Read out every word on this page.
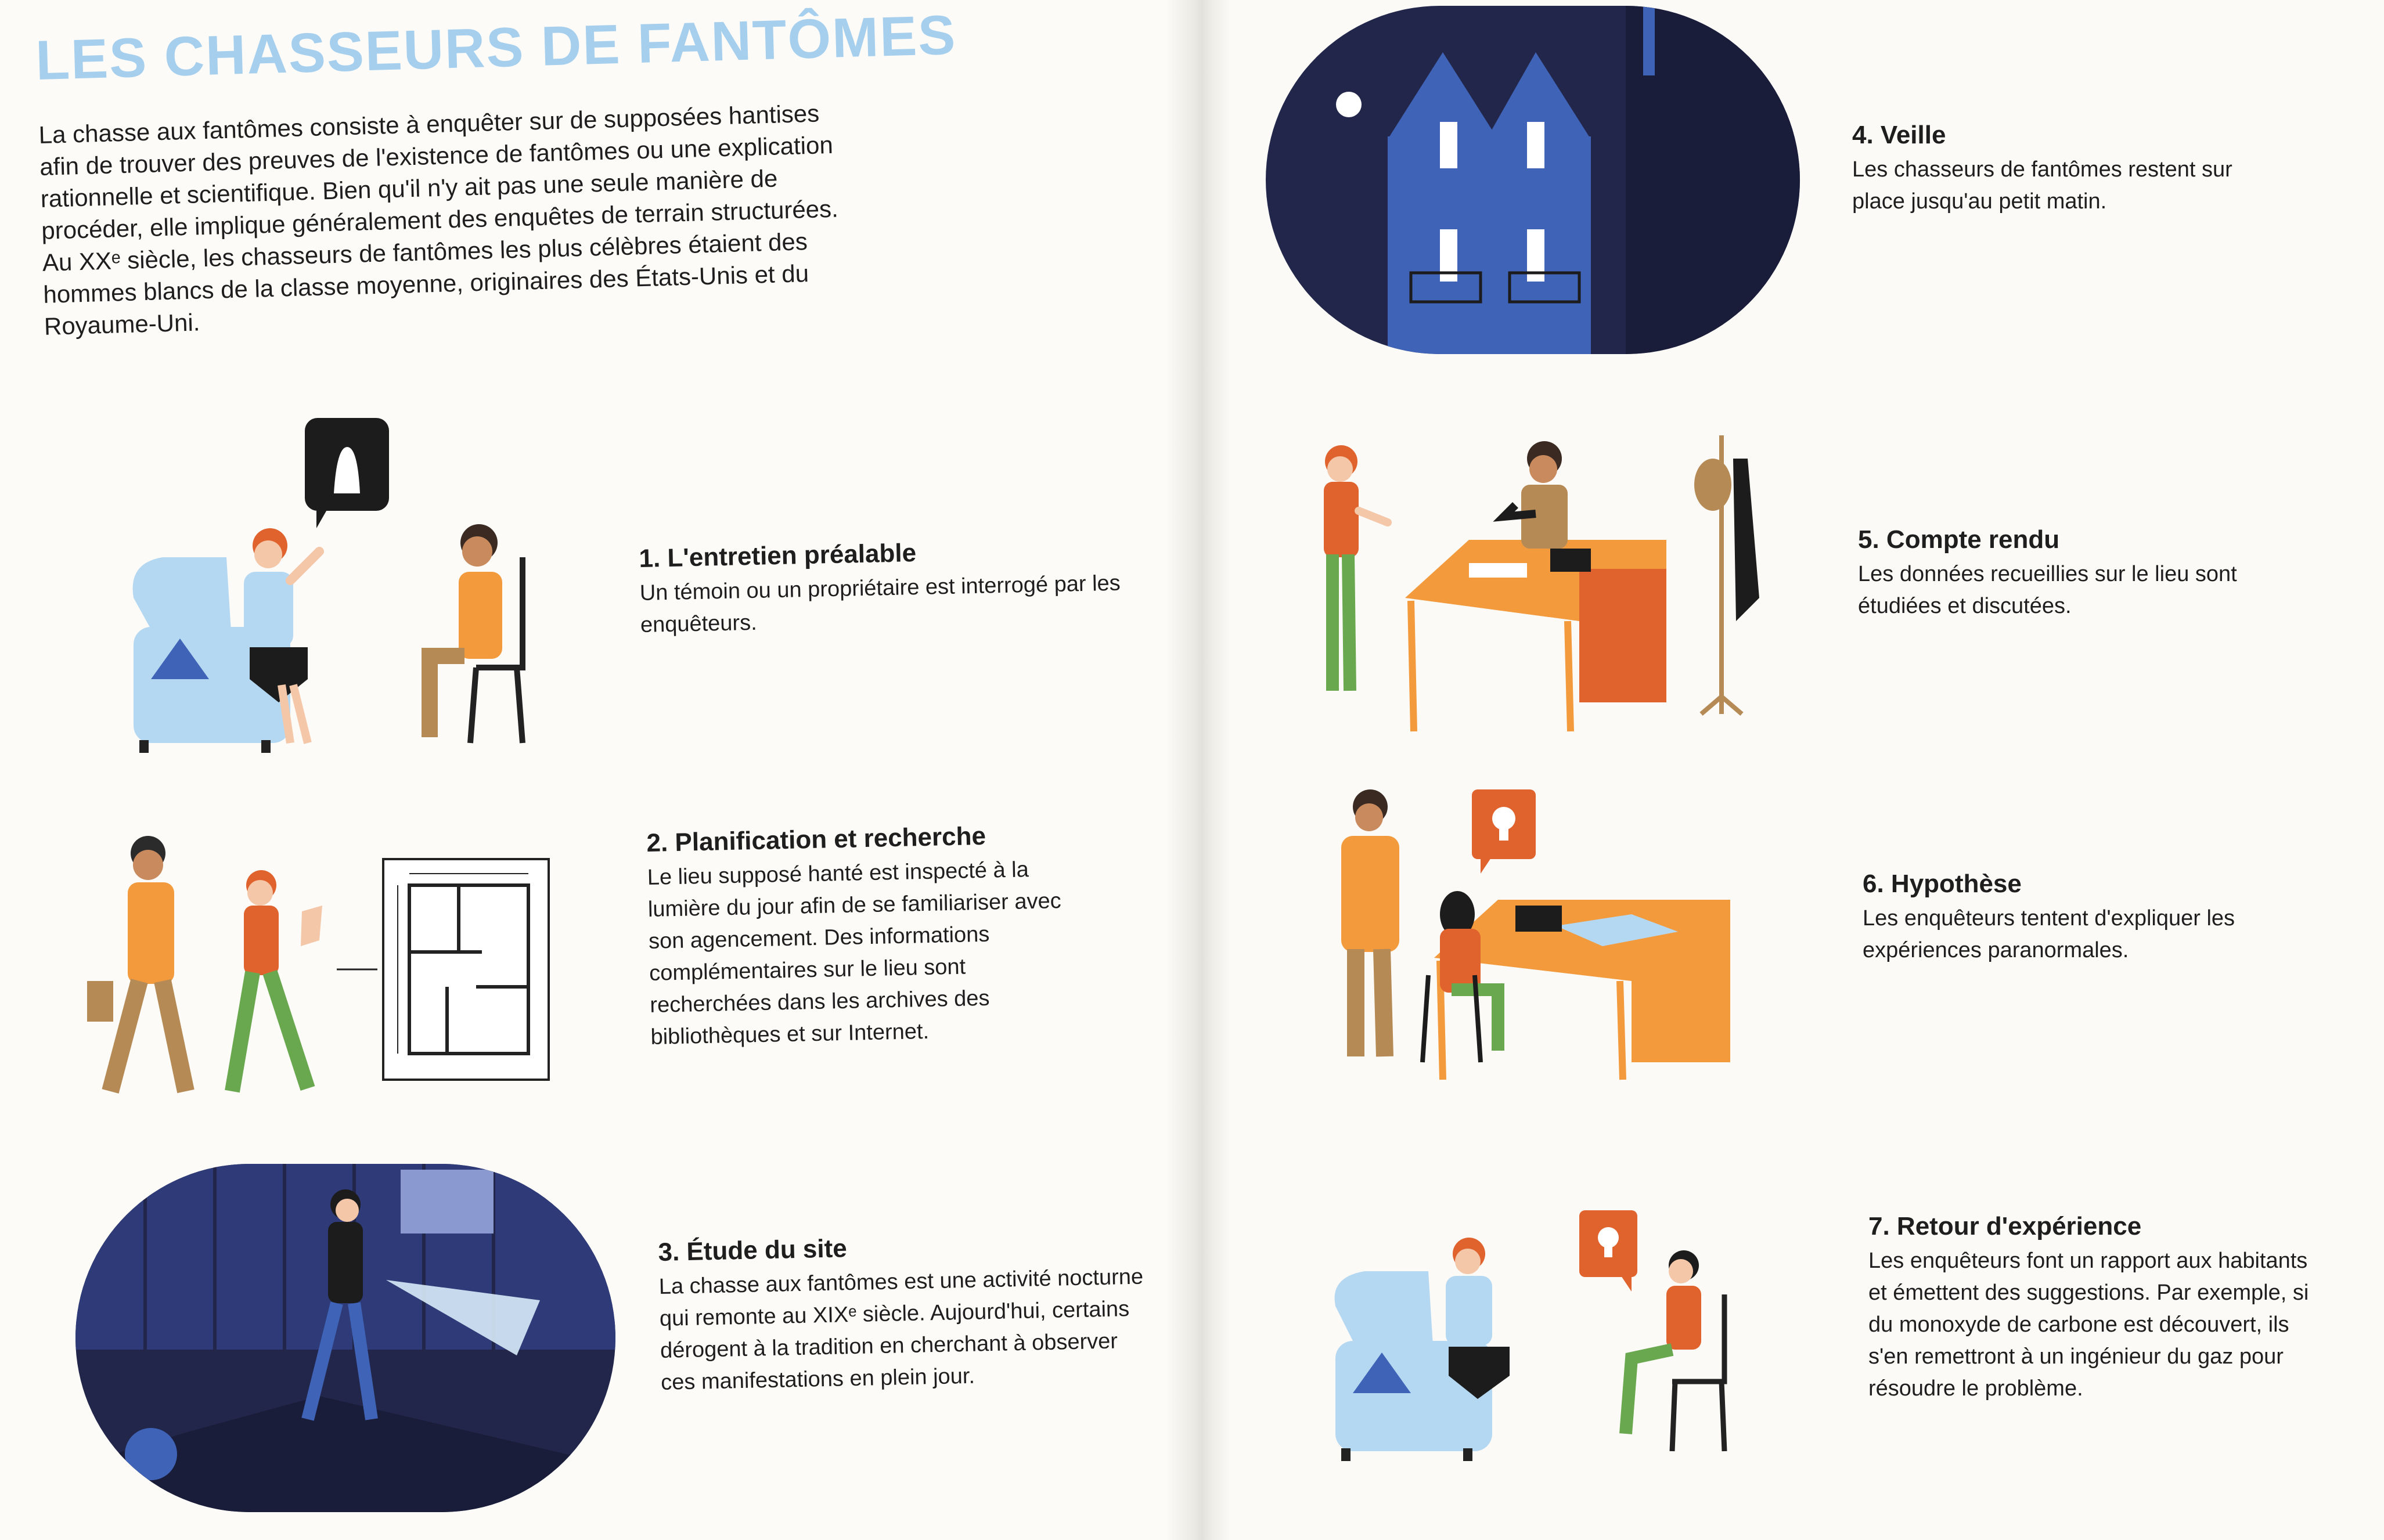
LES CHASSEURS DE FANTÔMES

La chasse aux fantômes consiste à enquêter sur de supposées hantises afin de trouver des preuves de l'existence de fantômes ou une explication rationnelle et scientifique. Bien qu'il n'y ait pas une seule manière de procéder, elle implique généralement des enquêtes de terrain structurées. Au XXᵉ siècle, les chasseurs de fantômes les plus célèbres étaient des hommes blancs de la classe moyenne, originaires des États-Unis et du Royaume-Uni.

1. L'entretien préalable

Un témoin ou un propriétaire est interrogé par les enquêteurs.

2. Planification et recherche

Le lieu supposé hanté est inspecté à la lumière du jour afin de se familiariser avec son agencement. Des informations complémentaires sur le lieu sont recherchées dans les archives des bibliothèques et sur Internet.

3. Étude du site

La chasse aux fantômes est une activité nocturne qui remonte au XIXᵉ siècle. Aujourd'hui, certains dérogent à la tradition en cherchant à observer ces manifestations en plein jour.

4. Veille

Les chasseurs de fantômes restent sur place jusqu'au petit matin.

5. Compte rendu

Les données recueillies sur le lieu sont étudiées et discutées.

6. Hypothèse

Les enquêteurs tentent d'expliquer les expériences paranormales.

7. Retour d'expérience

Les enquêteurs font un rapport aux habitants et émettent des suggestions. Par exemple, si du monoxyde de carbone est découvert, ils s'en remettront à un ingénieur du gaz pour résoudre le problème.
